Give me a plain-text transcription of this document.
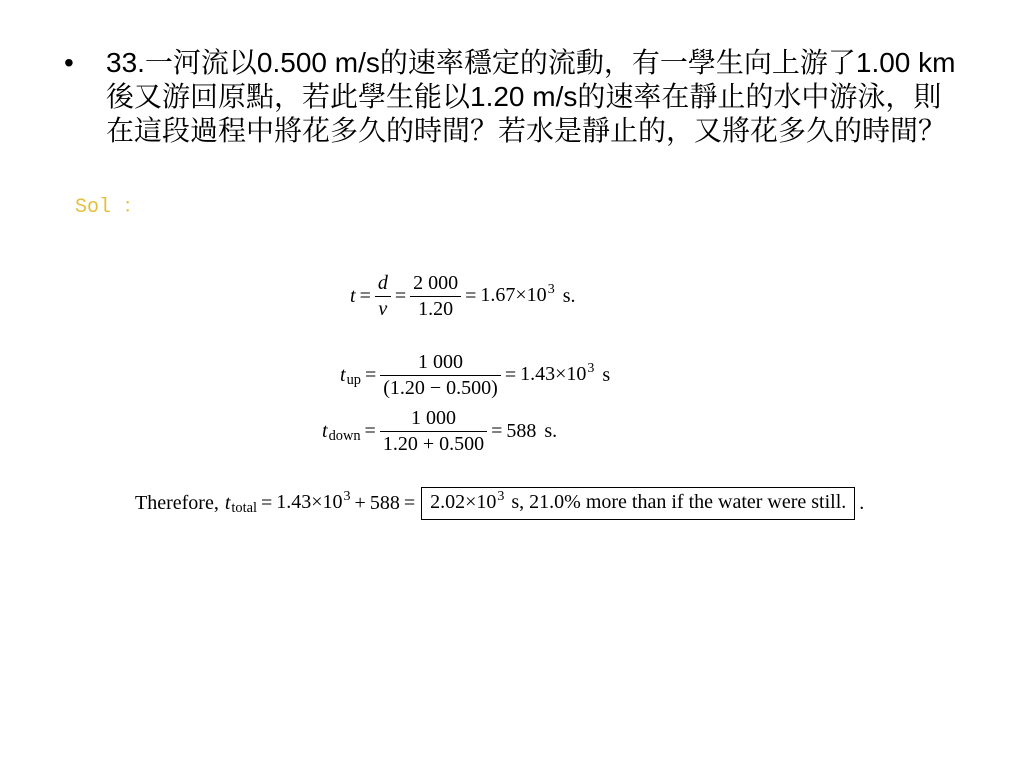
• 33.一河流以0.500 m/s的速率穩定的流動，有一學生向上游了1.00 km
後又游回原點，若此學生能以1.20 m/s的速率在靜止的水中游泳，則
在這段過程中將花多久的時間？若水是靜止的，又將花多久的時間？
Sol ：
$t = \frac{d}{v} = \frac{2 000}{1.20} = 1.67\times 10^3$ s.
t up = $\frac{1 000}{(1.20 - 0.500)} = 1.43\times 10^3$ s
t down = $\frac{1 000}{1.20 + 0.500} = 588$ s.
Therefore, t total = $1.43\times 10^3 + 588 = 2.02\times 10^3$ s, 21.0% more than if the water were still. .
